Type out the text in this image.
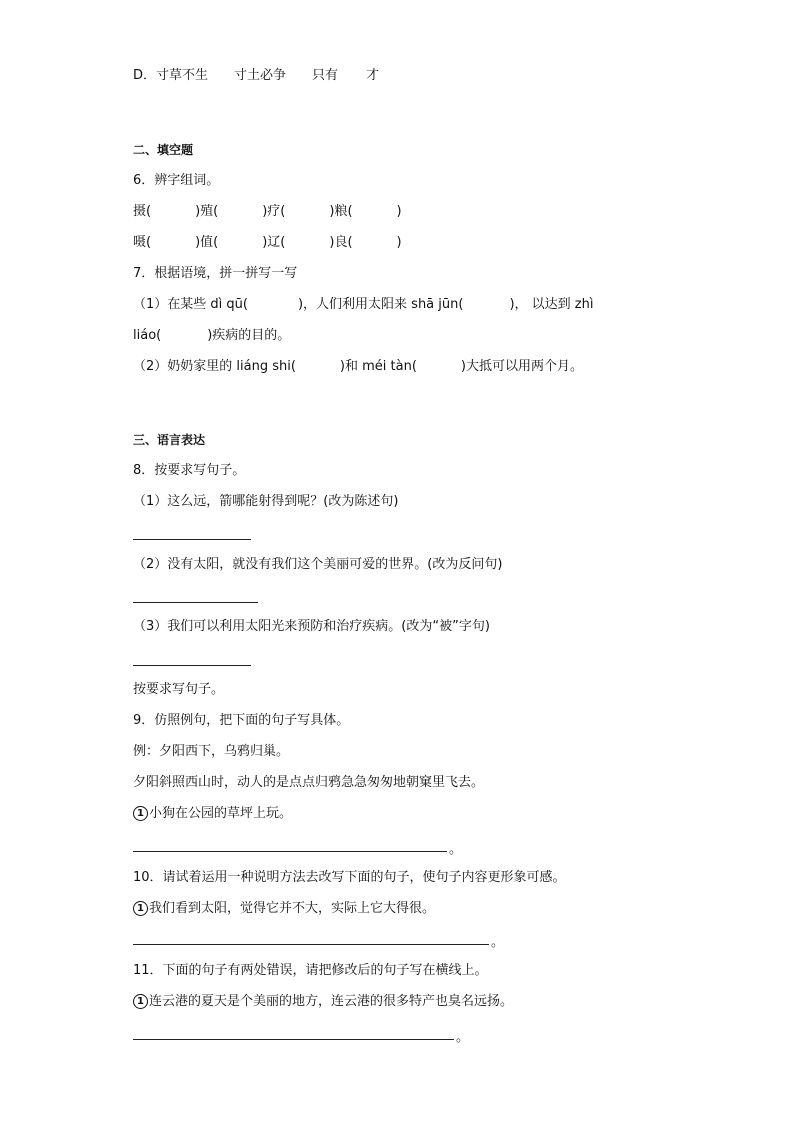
D．寸草不生 寸土必争 只有 才
二、填空题
6．辨字组词。
摄(	)殖(	)疗(	)粮(	)
嗫(	)值(	)辽(	)良(	)
7．根据语境，拼一拼写一写
（1）在某些 dì qū(	)，人们利用太阳来 shā jūn(	)， 以达到 zhì
liáo(	)疾病的目的。
（2）奶奶家里的 liáng shi(	)和 méi tàn(	)大抵可以用两个月。
三、语言表达
8．按要求写句子。
（1）这么远，箭哪能射得到呢？(改为陈述句)
（2）没有太阳，就没有我们这个美丽可爱的世界。(改为反问句)
（3）我们可以利用太阳光来预防和治疗疾病。(改为“被”字句)
按要求写句子。
9．仿照例句，把下面的句子写具体。
例：夕阳西下，乌鸦归巢。
夕阳斜照西山时，动人的是点点归鸦急急匆匆地朝窠里飞去。
1 小狗在公园的草坪上玩。
。
10．请试着运用一种说明方法去改写下面的句子，使句子内容更形象可感。
1 我们看到太阳，觉得它并不大，实际上它大得很。
。
11．下面的句子有两处错误，请把修改后的句子写在横线上。
1 连云港的夏天是个美丽的地方，连云港的很多特产也臭名远扬。
。
